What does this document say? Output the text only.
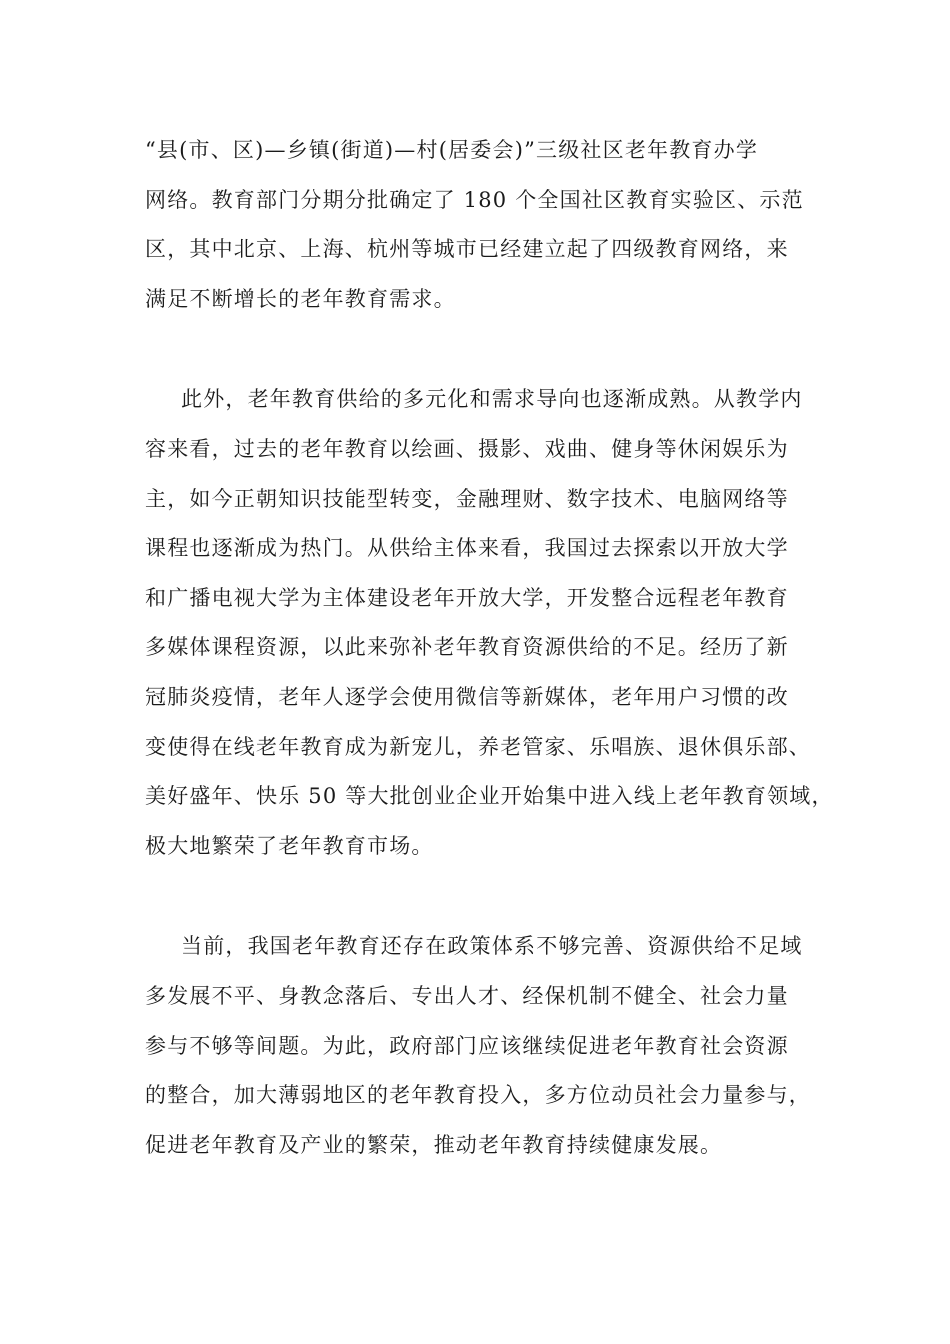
“县(市、区)—乡镇(街道)—村(居委会)”三级社区老年教育办学
网络。教育部门分期分批确定了 180 个全国社区教育实验区、示范
区，其中北京、上海、杭州等城市已经建立起了四级教育网络，来
满足不断增长的老年教育需求。
此外，老年教育供给的多元化和需求导向也逐渐成熟。从教学内
容来看，过去的老年教育以绘画、摄影、戏曲、健身等休闲娱乐为
主，如今正朝知识技能型转变，金融理财、数字技术、电脑网络等
课程也逐渐成为热门。从供给主体来看，我国过去探索以开放大学
和广播电视大学为主体建设老年开放大学，开发整合远程老年教育
多媒体课程资源，以此来弥补老年教育资源供给的不足。经历了新
冠肺炎疫情，老年人逐学会使用微信等新媒体，老年用户习惯的改
变使得在线老年教育成为新宠儿，养老管家、乐唱族、退休俱乐部、
美好盛年、快乐 50 等大批创业企业开始集中进入线上老年教育领域，
极大地繁荣了老年教育市场。
当前，我国老年教育还存在政策体系不够完善、资源供给不足域
多发展不平、身教念落后、专出人才、经保机制不健全、社会力量
参与不够等间题。为此，政府部门应该继续促进老年教育社会资源
的整合，加大薄弱地区的老年教育投入，多方位动员社会力量参与，
促进老年教育及产业的繁荣，推动老年教育持续健康发展。
